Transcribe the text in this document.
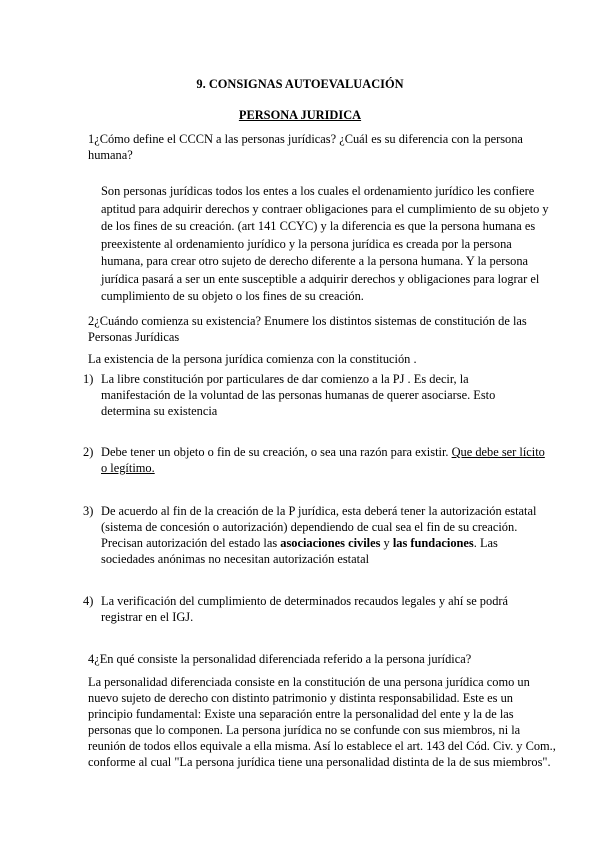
9. CONSIGNAS AUTOEVALUACIÓN

PERSONA JURIDICA

1¿Cómo define el CCCN a las personas jurídicas? ¿Cuál es su diferencia con la persona humana?

Son personas jurídicas todos los entes a los cuales el ordenamiento jurídico les confiere aptitud para adquirir derechos y contraer obligaciones para el cumplimiento de su objeto y de los fines de su creación. (art 141 CCYC) y la diferencia es que la persona humana es preexistente al ordenamiento jurídico y la persona jurídica es creada por la persona humana, para crear otro sujeto de derecho diferente a la persona humana. Y la persona jurídica pasará a ser un ente susceptible a adquirir derechos y obligaciones para lograr el cumplimiento de su objeto o los fines de su creación.

2¿Cuándo comienza su existencia? Enumere los distintos sistemas de constitución de las Personas Jurídicas

La existencia de la persona jurídica comienza con la constitución .

1) La libre constitución por particulares de dar comienzo a la PJ . Es decir, la manifestación de la voluntad de las personas humanas de querer asociarse. Esto determina su existencia

2) Debe tener un objeto o fin de su creación, o sea una razón para existir. Que debe ser lícito o legítimo.

3) De acuerdo al fin de la creación de la P jurídica, esta deberá tener la autorización estatal (sistema de concesión o autorización) dependiendo de cual sea el fin de su creación. Precisan autorización del estado las asociaciones civiles y las fundaciones. Las sociedades anónimas no necesitan autorización estatal

4) La verificación del cumplimiento de determinados recaudos legales y ahí se podrá registrar en el IGJ.

4¿En qué consiste la personalidad diferenciada referido a la persona jurídica?

La personalidad diferenciada consiste en la constitución de una persona jurídica como un nuevo sujeto de derecho con distinto patrimonio y distinta responsabilidad. Este es un principio fundamental: Existe una separación entre la personalidad del ente y la de las personas que lo componen. La persona jurídica no se confunde con sus miembros, ni la reunión de todos ellos equivale a ella misma. Así lo establece el art. 143 del Cód. Civ. y Com., conforme al cual "La persona jurídica tiene una personalidad distinta de la de sus miembros".
